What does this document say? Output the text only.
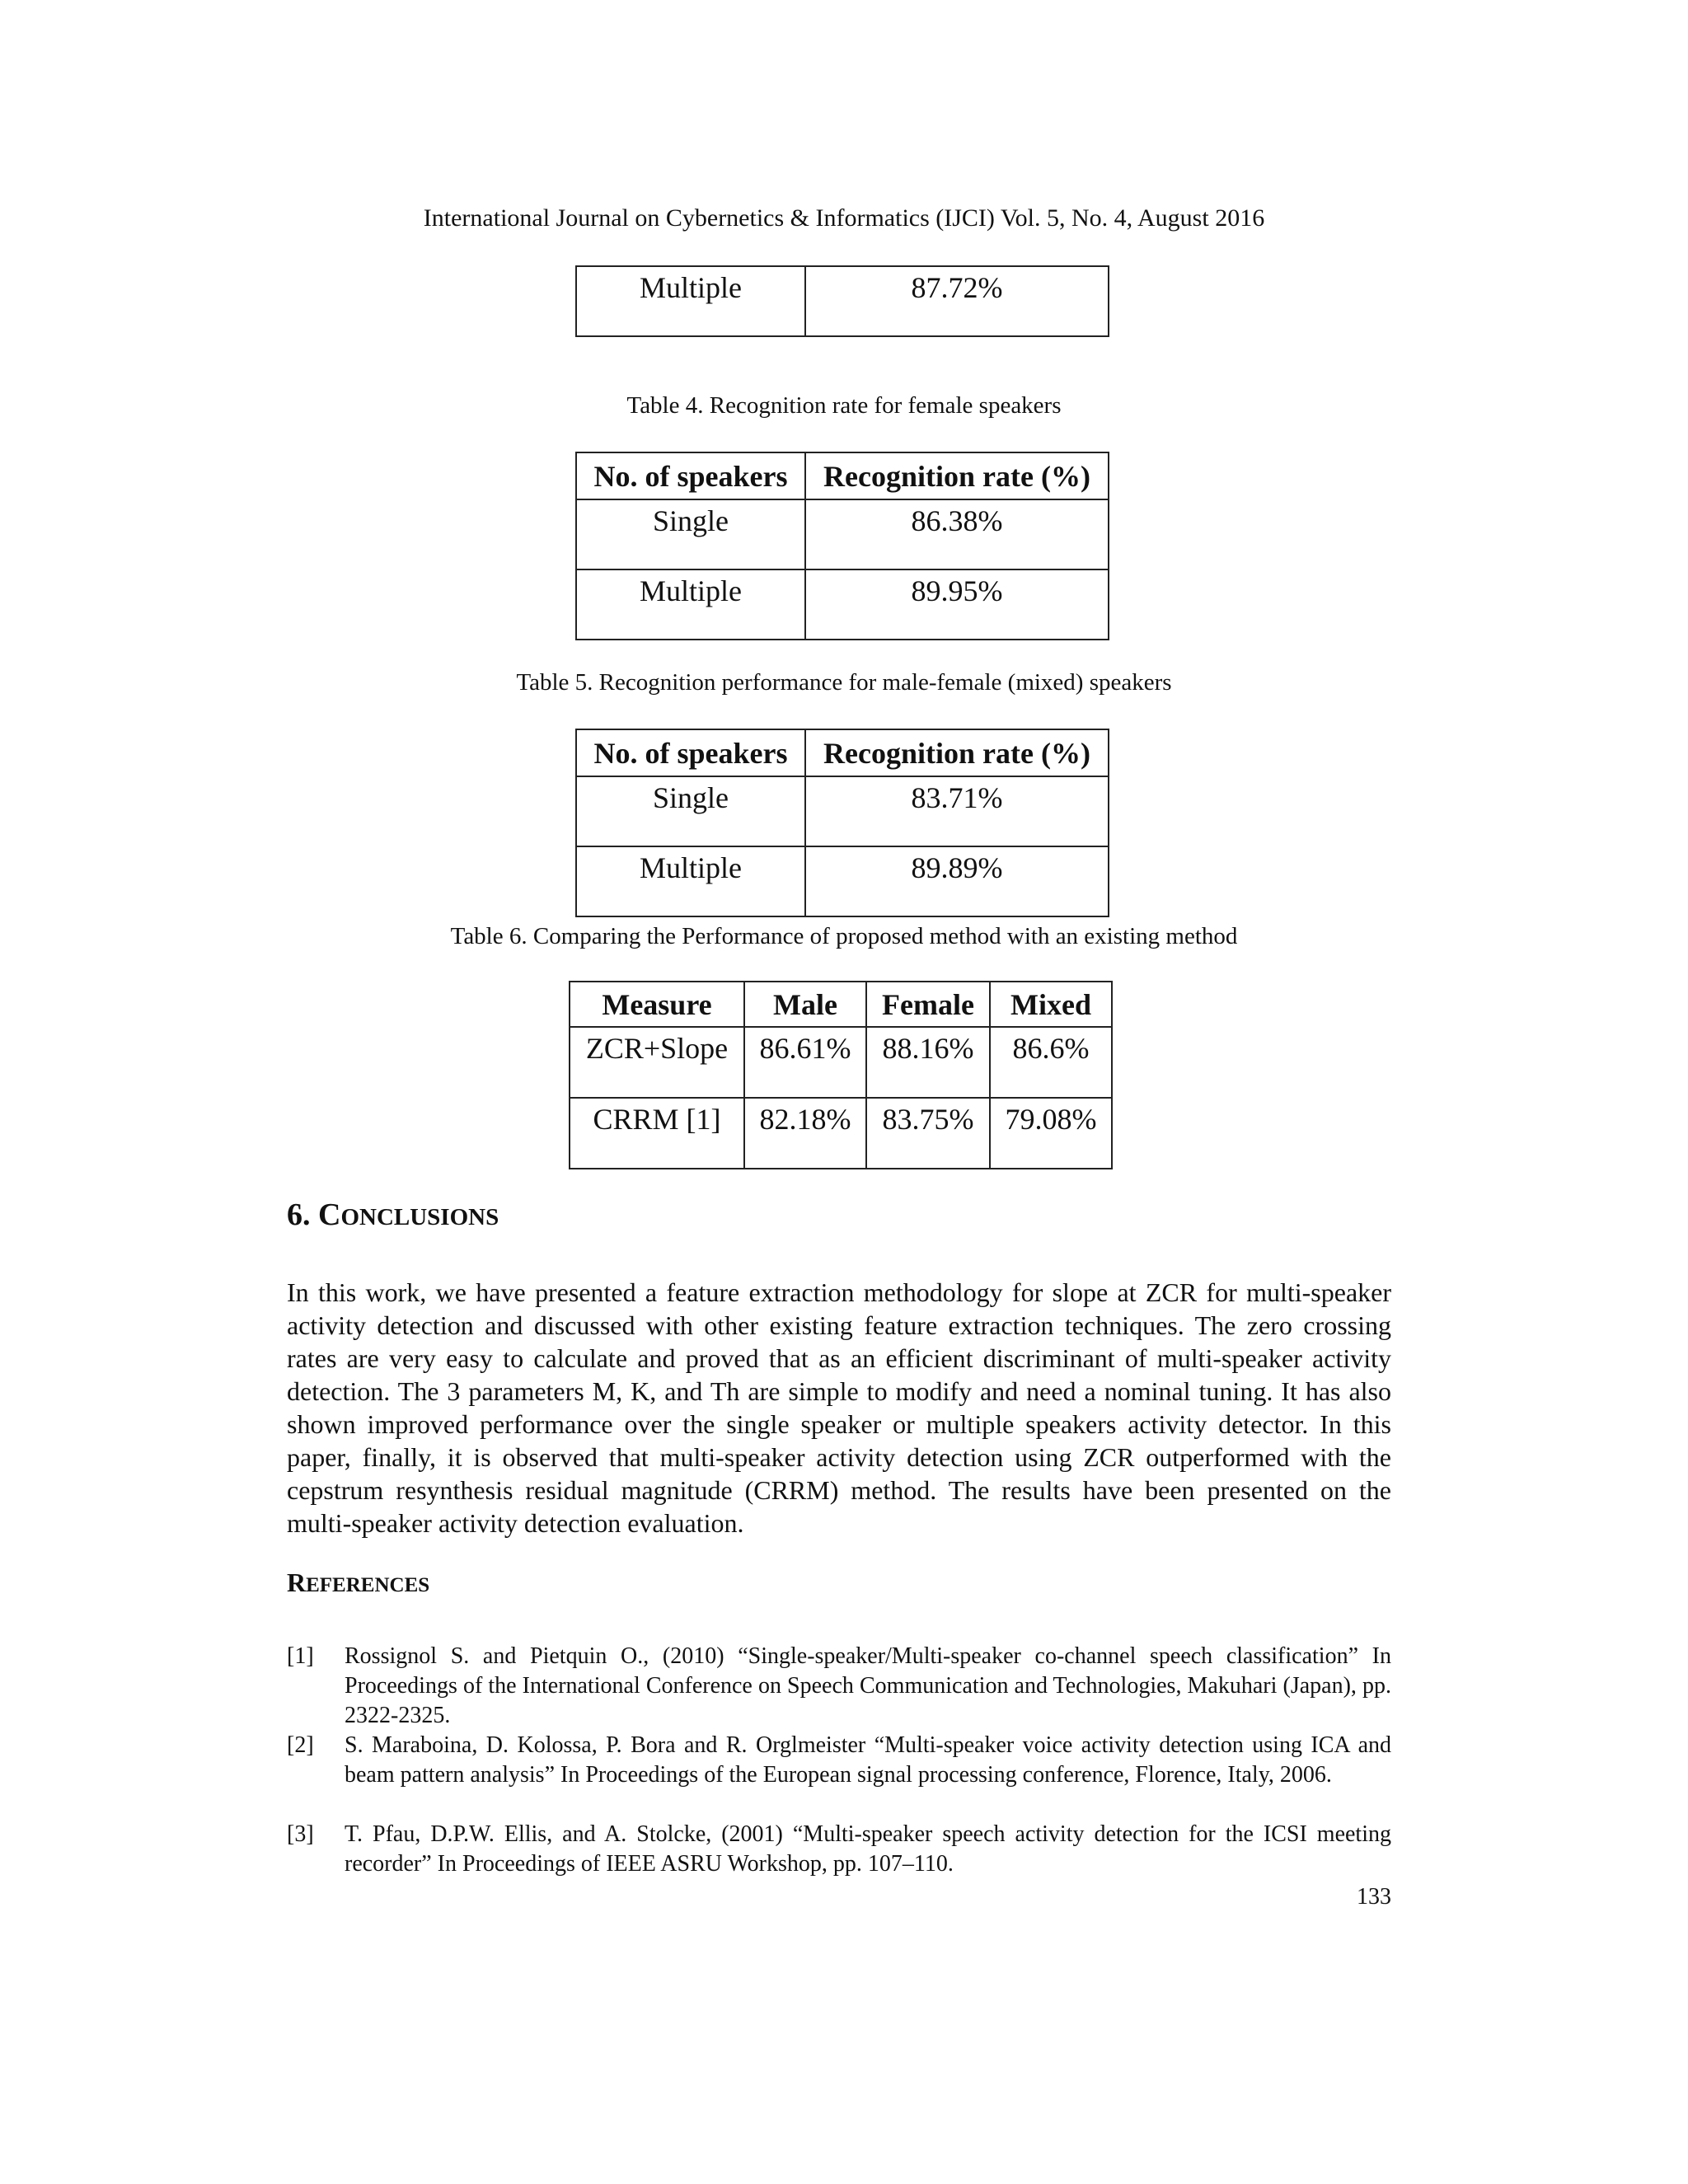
International Journal on Cybernetics & Informatics (IJCI) Vol. 5, No. 4, August 2016
Multiple	87.72%
Table 4. Recognition rate for female speakers
No. of speakers	Recognition rate (%)
Single	86.38%
Multiple	89.95%
Table 5. Recognition performance for male-female (mixed) speakers
No. of speakers	Recognition rate (%)
Single	83.71%
Multiple	89.89%
Table 6. Comparing the Performance of proposed method with an existing method
Measure	Male	Female	Mixed
ZCR+Slope	86.61%	88.16%	86.6%
CRRM [1]	82.18%	83.75%	79.08%
6. CONCLUSIONS
In this work, we have presented a feature extraction methodology for slope at ZCR for multi-speaker activity detection and discussed with other existing feature extraction techniques. The zero crossing rates are very easy to calculate and proved that as an efficient discriminant of multi-speaker activity detection. The 3 parameters M, K, and Th are simple to modify and need a nominal tuning. It has also shown improved performance over the single speaker or multiple speakers activity detector. In this paper, finally, it is observed that multi-speaker activity detection using ZCR outperformed with the cepstrum resynthesis residual magnitude (CRRM) method. The results have been presented on the multi-speaker activity detection evaluation.
REFERENCES
[1]	Rossignol S. and Pietquin O., (2010) “Single-speaker/Multi-speaker co-channel speech classification” In Proceedings of the International Conference on Speech Communication and Technologies, Makuhari (Japan), pp. 2322-2325.
[2]	S. Maraboina, D. Kolossa, P. Bora and R. Orglmeister “Multi-speaker voice activity detection using ICA and beam pattern analysis” In Proceedings of the European signal processing conference, Florence, Italy, 2006.
[3]	T. Pfau, D.P.W. Ellis, and A. Stolcke, (2001) “Multi-speaker speech activity detection for the ICSI meeting recorder” In Proceedings of IEEE ASRU Workshop, pp. 107–110.
133
